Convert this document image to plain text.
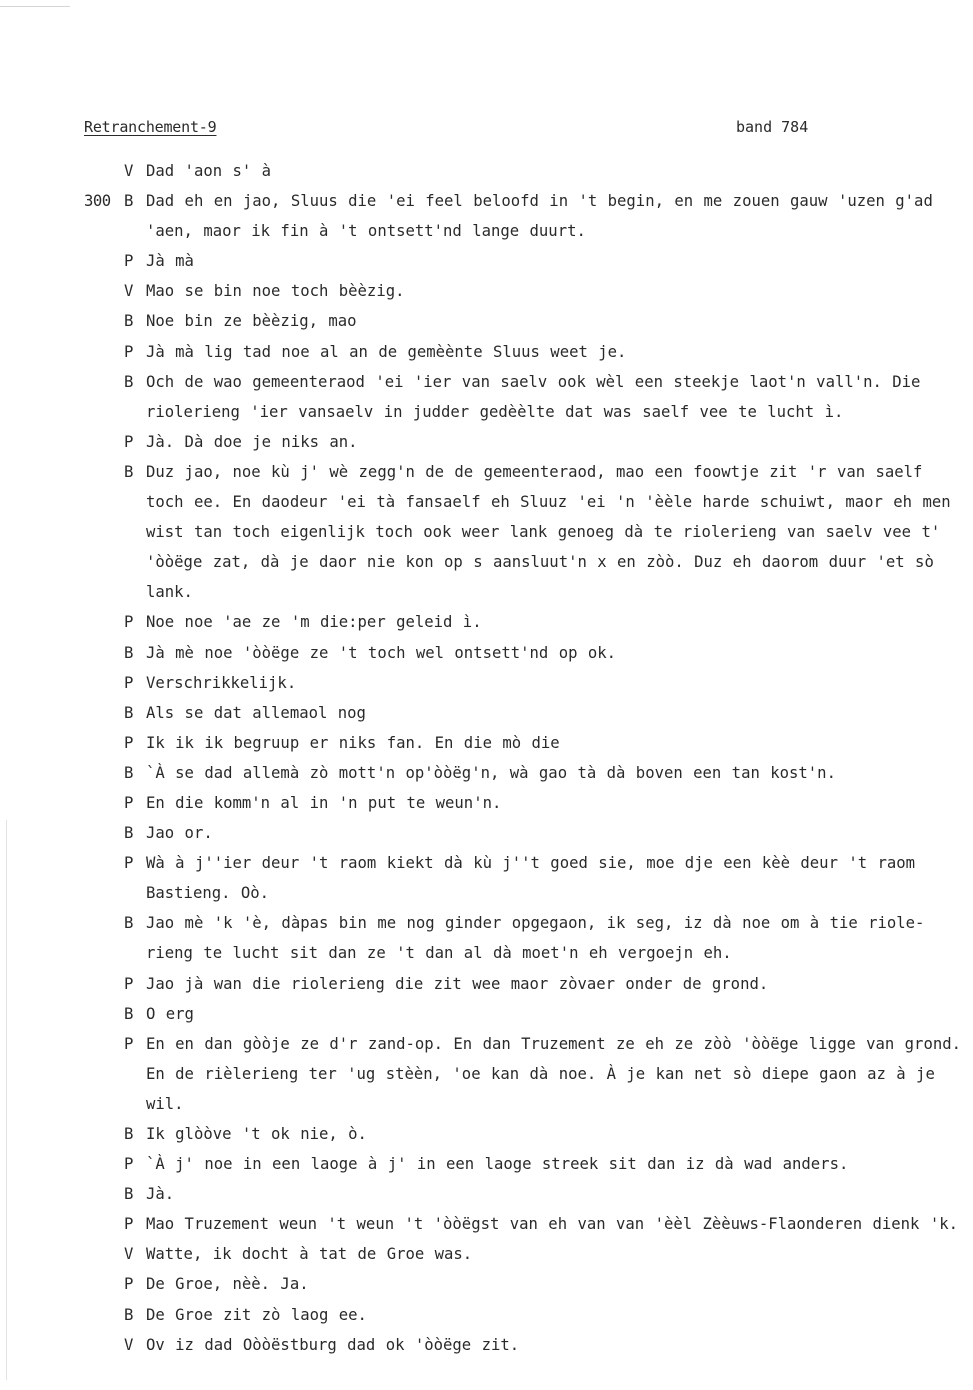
Retranchement-9	band 784
V Dad 'aon s' à
300 B Dad eh en jao, Sluus die 'ei feel beloofd in 't begin, en me zouen gauw 'uzen g'ad 'aen, maor ik fin à 't ontsett'nd lange duurt.
P Jà mà
V Mao se bin noe toch bèèzig.
B Noe bin ze bèèzig, mao
P Jà mà lig tad noe al an de gemèènte Sluus weet je.
B Och de wao gemeenteraod 'ei 'ier van saelv ook wèl een steekje laot'n vall'n. Die riolerieng 'ier vansaelv in judder gedèèlte dat was saelf vee te lucht ì.
P Jà. Dà doe je niks an.
B Duz jao, noe kù j' wè zegg'n de de gemeenteraod, mao een foowtje zit 'r van saelf toch ee. En daodeur 'ei tà fansaelf eh Sluuz 'ei 'n 'èèle harde schuiwt, maor eh men wist tan toch eigenlijk toch ook weer lank genoeg dà te riolerieng van saelv vee t' 'òòëge zat, dà je daor nie kon op s aansluut'n x en zòò. Duz eh daorom duur 'et sò lank.
P Noe noe 'ae ze 'm die:per geleid ì.
B Jà mè noe 'òòëge ze 't toch wel ontsett'nd op ok.
P Verschrikkelijk.
B Als se dat allemaol nog
P Ik ik ik begruup er niks fan. En die mò die
B `À se dad allemà zò mott'n op'òòëg'n, wà gao tà dà boven een tan kost'n.
P En die komm'n al in 'n put te weun'n.
B Jao or.
P Wà à j''ier deur 't raom kiekt dà kù j''t goed sie, moe dje een kèè deur 't raom Bastieng. Oò.
B Jao mè 'k 'è, dàpas bin me nog ginder opgegaon, ik seg, iz dà noe om à tie riole-rieng te lucht sit dan ze 't dan al dà moet'n eh vergoejn eh.
P Jao jà wan die riolerieng die zit wee maor zòvaer onder de grond.
B O erg
P En en dan gòòje ze d'r zand-op. En dan Truzement ze eh ze zòò 'òòëge ligge van grond. En de rièlerieng ter 'ug stèèn, 'oe kan dà noe. À je kan net sò diepe gaon az à je wil.
B Ik glòòve 't ok nie, ò.
P `À j' noe in een laoge à j' in een laoge streek sit dan iz dà wad anders.
B Jà.
P Mao Truzement weun 't weun 't 'òòëgst van eh van van 'èèl Zèèuws-Flaonderen dienk 'k.
V Watte, ik docht à tat de Groe was.
P De Groe, nèè. Ja.
B De Groe zit zò laog ee.
V Ov iz dad Oòòëstburg dad ok 'òòëge zit.
